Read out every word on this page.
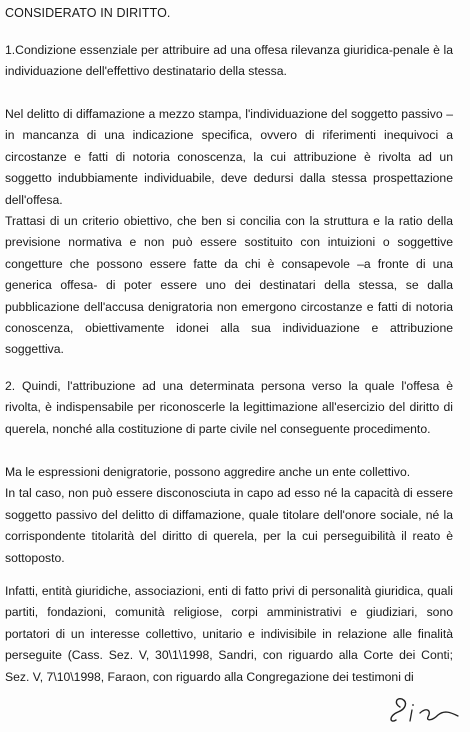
CONSIDERATO IN DIRITTO.

1.Condizione essenziale per attribuire ad una offesa rilevanza giuridica-penale è la individuazione dell'effettivo destinatario della stessa.

Nel delitto di diffamazione a mezzo stampa, l'individuazione del soggetto passivo –in mancanza di una indicazione specifica, ovvero di riferimenti inequivoci a circostanze e fatti di notoria conoscenza, la cui attribuzione è rivolta ad un soggetto indubbiamente individuabile, deve dedursi dalla stessa prospettazione dell'offesa.

Trattasi di un criterio obiettivo, che ben si concilia con la struttura e la ratio della previsione normativa e non può essere sostituito con intuizioni o soggettive congetture che possono essere fatte da chi è consapevole –a fronte di una generica offesa- di poter essere uno dei destinatari della stessa, se dalla pubblicazione dell'accusa denigratoria non emergono circostanze e fatti di notoria conoscenza, obiettivamente idonei alla sua individuazione e attribuzione soggettiva.

2. Quindi, l'attribuzione ad una determinata persona verso la quale l'offesa è rivolta, è indispensabile per riconoscerle la legittimazione all'esercizio del diritto di querela, nonché alla costituzione di parte civile nel conseguente procedimento.

Ma le espressioni denigratorie, possono aggredire anche un ente collettivo.

In tal caso, non può essere disconosciuta in capo ad esso né la capacità di essere soggetto passivo del delitto di diffamazione, quale titolare dell'onore sociale, né la corrispondente titolarità del diritto di querela, per la cui perseguibilità il reato è sottoposto.

Infatti, entità giuridiche, associazioni, enti di fatto privi di personalità giuridica, quali partiti, fondazioni, comunità religiose, corpi amministrativi e giudiziari, sono portatori di un interesse collettivo, unitario e indivisibile in relazione alle finalità perseguite (Cass. Sez. V, 30\1\1998, Sandri, con riguardo alla Corte dei Conti; Sez. V, 7\10\1998, Faraon, con riguardo alla Congregazione dei testimoni di
